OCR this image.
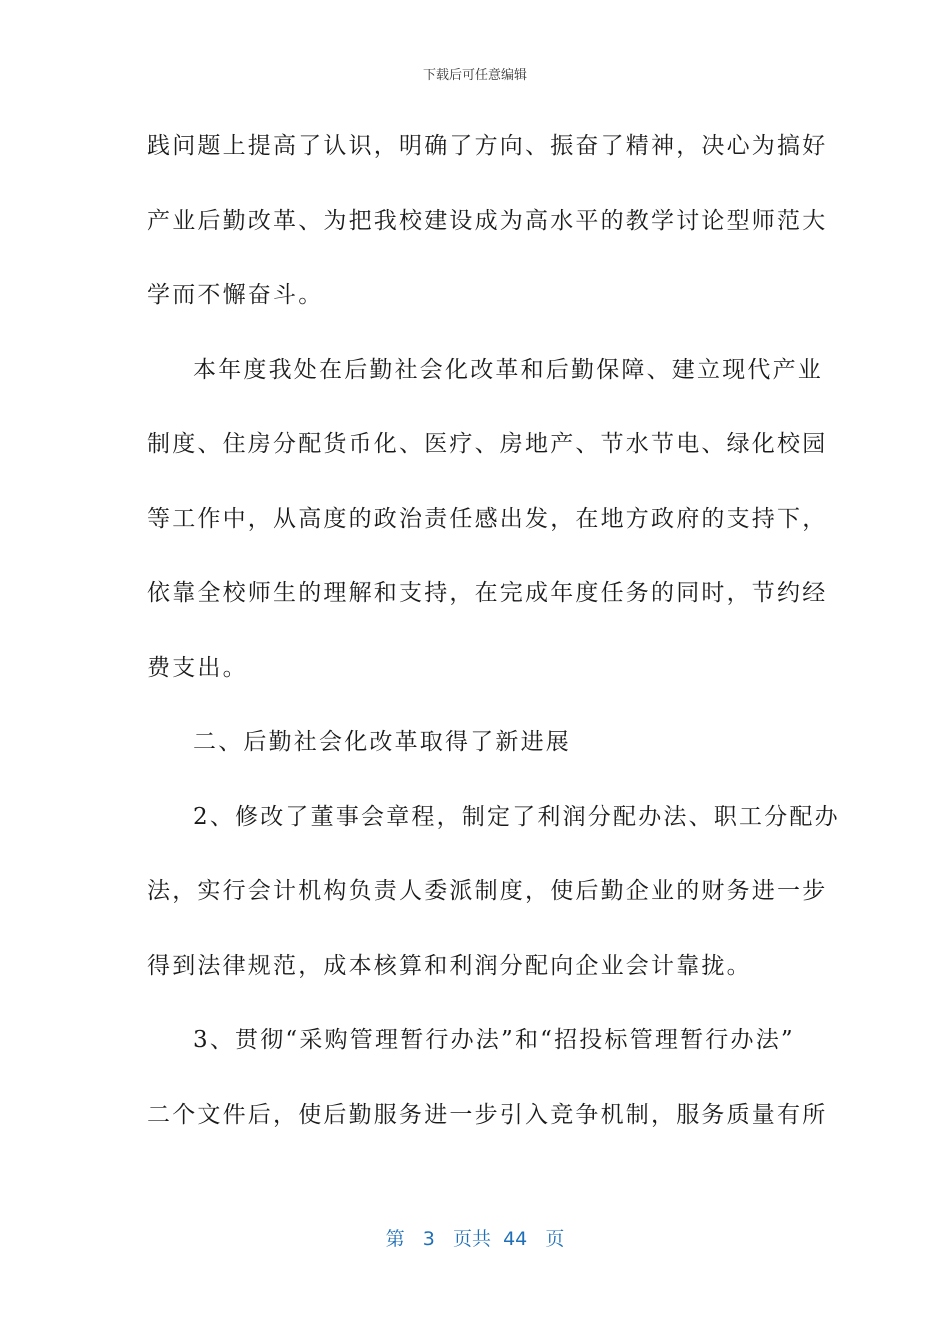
下载后可任意编辑
践问题上提高了认识，明确了方向、振奋了精神，决心为搞好
产业后勤改革、为把我校建设成为高水平的教学讨论型师范大
学而不懈奋斗。
本年度我处在后勤社会化改革和后勤保障、建立现代产业
制度、住房分配货币化、医疗、房地产、节水节电、绿化校园
等工作中，从高度的政治责任感出发，在地方政府的支持下，
依靠全校师生的理解和支持，在完成年度任务的同时，节约经
费支出。
二、后勤社会化改革取得了新进展
2、修改了董事会章程，制定了利润分配办法、职工分配办
法，实行会计机构负责人委派制度，使后勤企业的财务进一步
得到法律规范，成本核算和利润分配向企业会计靠拢。
3、贯彻“采购管理暂行办法”和“招投标管理暂行办法”
二个文件后，使后勤服务进一步引入竞争机制，服务质量有所
第 3 页共 44 页
